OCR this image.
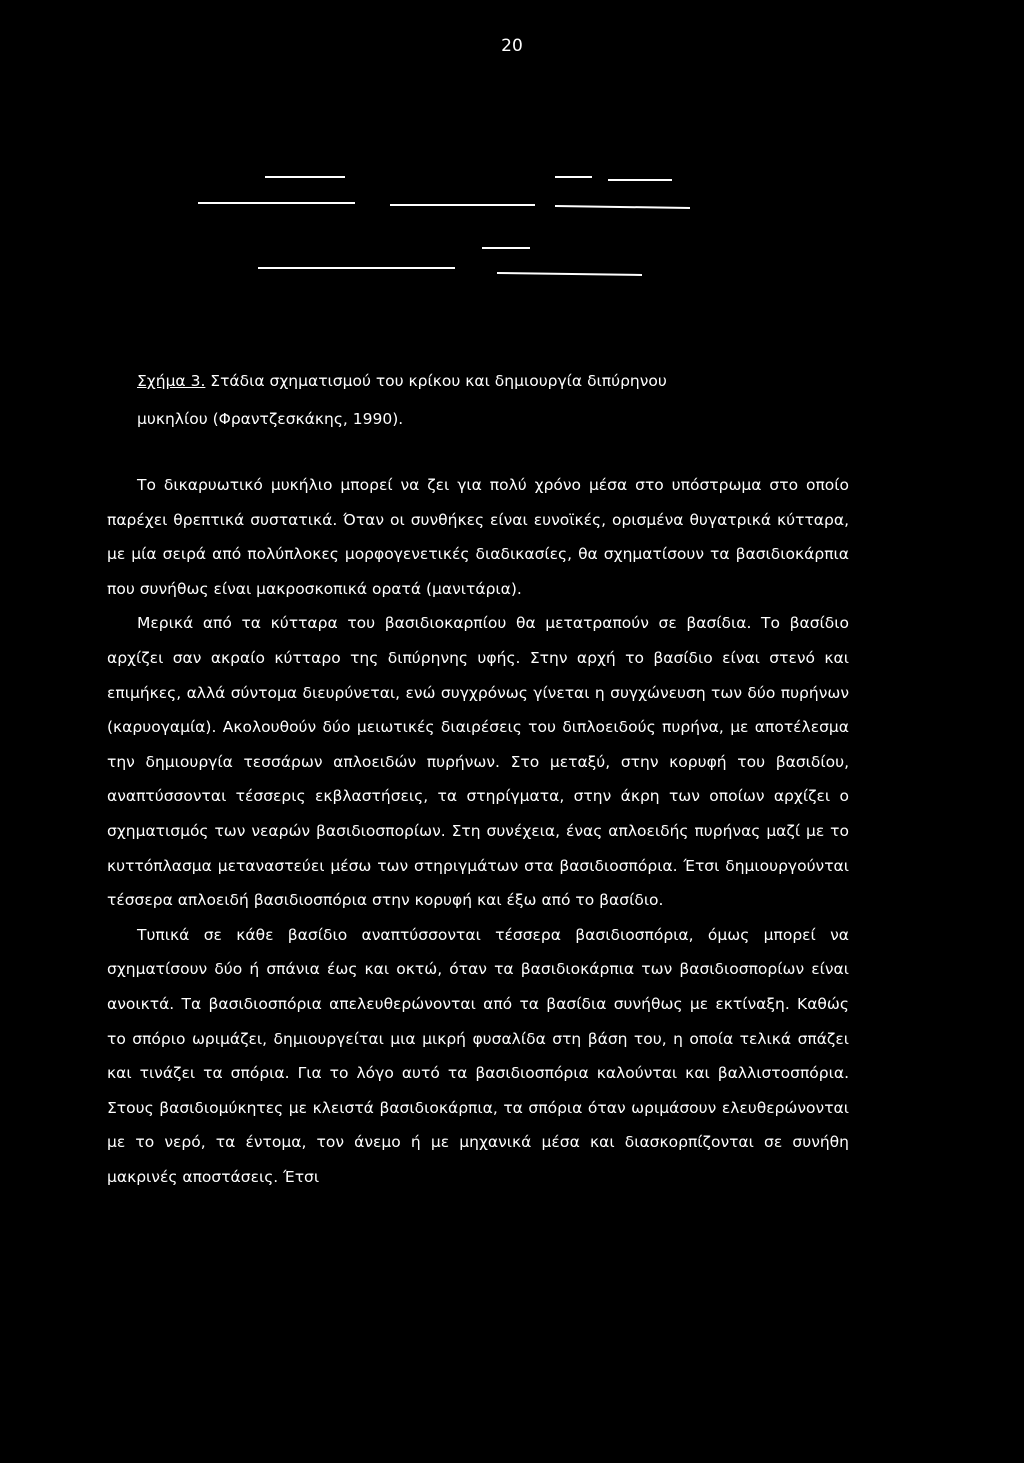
20
Σχήμα 3. Στάδια σχηματισμού του κρίκου και δημιουργία διπύρηνου
μυκηλίου (Φραντζεσκάκης, 1990).

Το δικαρυωτικό μυκήλιο μπορεί να ζει για πολύ χρόνο μέσα στο υπόστρωμα στο οποίο παρέχει θρεπτικά συστατικά. Όταν οι συνθήκες είναι ευνοϊκές, ορισμένα θυγατρικά κύτταρα, με μία σειρά από πολύπλοκες μορφογενετικές διαδικασίες, θα σχηματίσουν τα βασιδιοκάρπια που συνήθως είναι μακροσκοπικά ορατά (μανιτάρια).

Μερικά από τα κύτταρα του βασιδιοκαρπίου θα μετατραπούν σε βασίδια. Το βασίδιο αρχίζει σαν ακραίο κύτταρο της διπύρηνης υφής. Στην αρχή το βασίδιο είναι στενό και επιμήκες, αλλά σύντομα διευρύνεται, ενώ συγχρόνως γίνεται η συγχώνευση των δύο πυρήνων (καρυογαμία). Ακολουθούν δύο μειωτικές διαιρέσεις του διπλοειδούς πυρήνα, με αποτέλεσμα την δημιουργία τεσσάρων απλοειδών πυρήνων. Στο μεταξύ, στην κορυφή του βασιδίου, αναπτύσσονται τέσσερις εκβλαστήσεις, τα στηρίγματα, στην άκρη των οποίων αρχίζει ο σχηματισμός των νεαρών βασιδιοσπορίων. Στη συνέχεια, ένας απλοειδής πυρήνας μαζί με το κυττόπλασμα μεταναστεύει μέσω των στηριγμάτων στα βασιδιοσπόρια. Έτσι δημιουργούνται τέσσερα απλοειδή βασιδιοσπόρια στην κορυφή και έξω από το βασίδιο.

Τυπικά σε κάθε βασίδιο αναπτύσσονται τέσσερα βασιδιοσπόρια, όμως μπορεί να σχηματίσουν δύο ή σπάνια έως και οκτώ, όταν τα βασιδιοκάρπια των βασιδιοσπορίων είναι ανοικτά. Τα βασιδιοσπόρια απελευθερώνονται από τα βασίδια συνήθως με εκτίναξη. Καθώς το σπόριο ωριμάζει, δημιουργείται μια μικρή φυσαλίδα στη βάση του, η οποία τελικά σπάζει και τινάζει τα σπόρια. Για το λόγο αυτό τα βασιδιοσπόρια καλούνται και βαλλιστοσπόρια. Στους βασιδιομύκητες με κλειστά βασιδιοκάρπια, τα σπόρια όταν ωριμάσουν ελευθερώνονται με το νερό, τα έντομα, τον άνεμο ή με μηχανικά μέσα και διασκορπίζονται σε συνήθη μακρινές αποστάσεις. Έτσι
